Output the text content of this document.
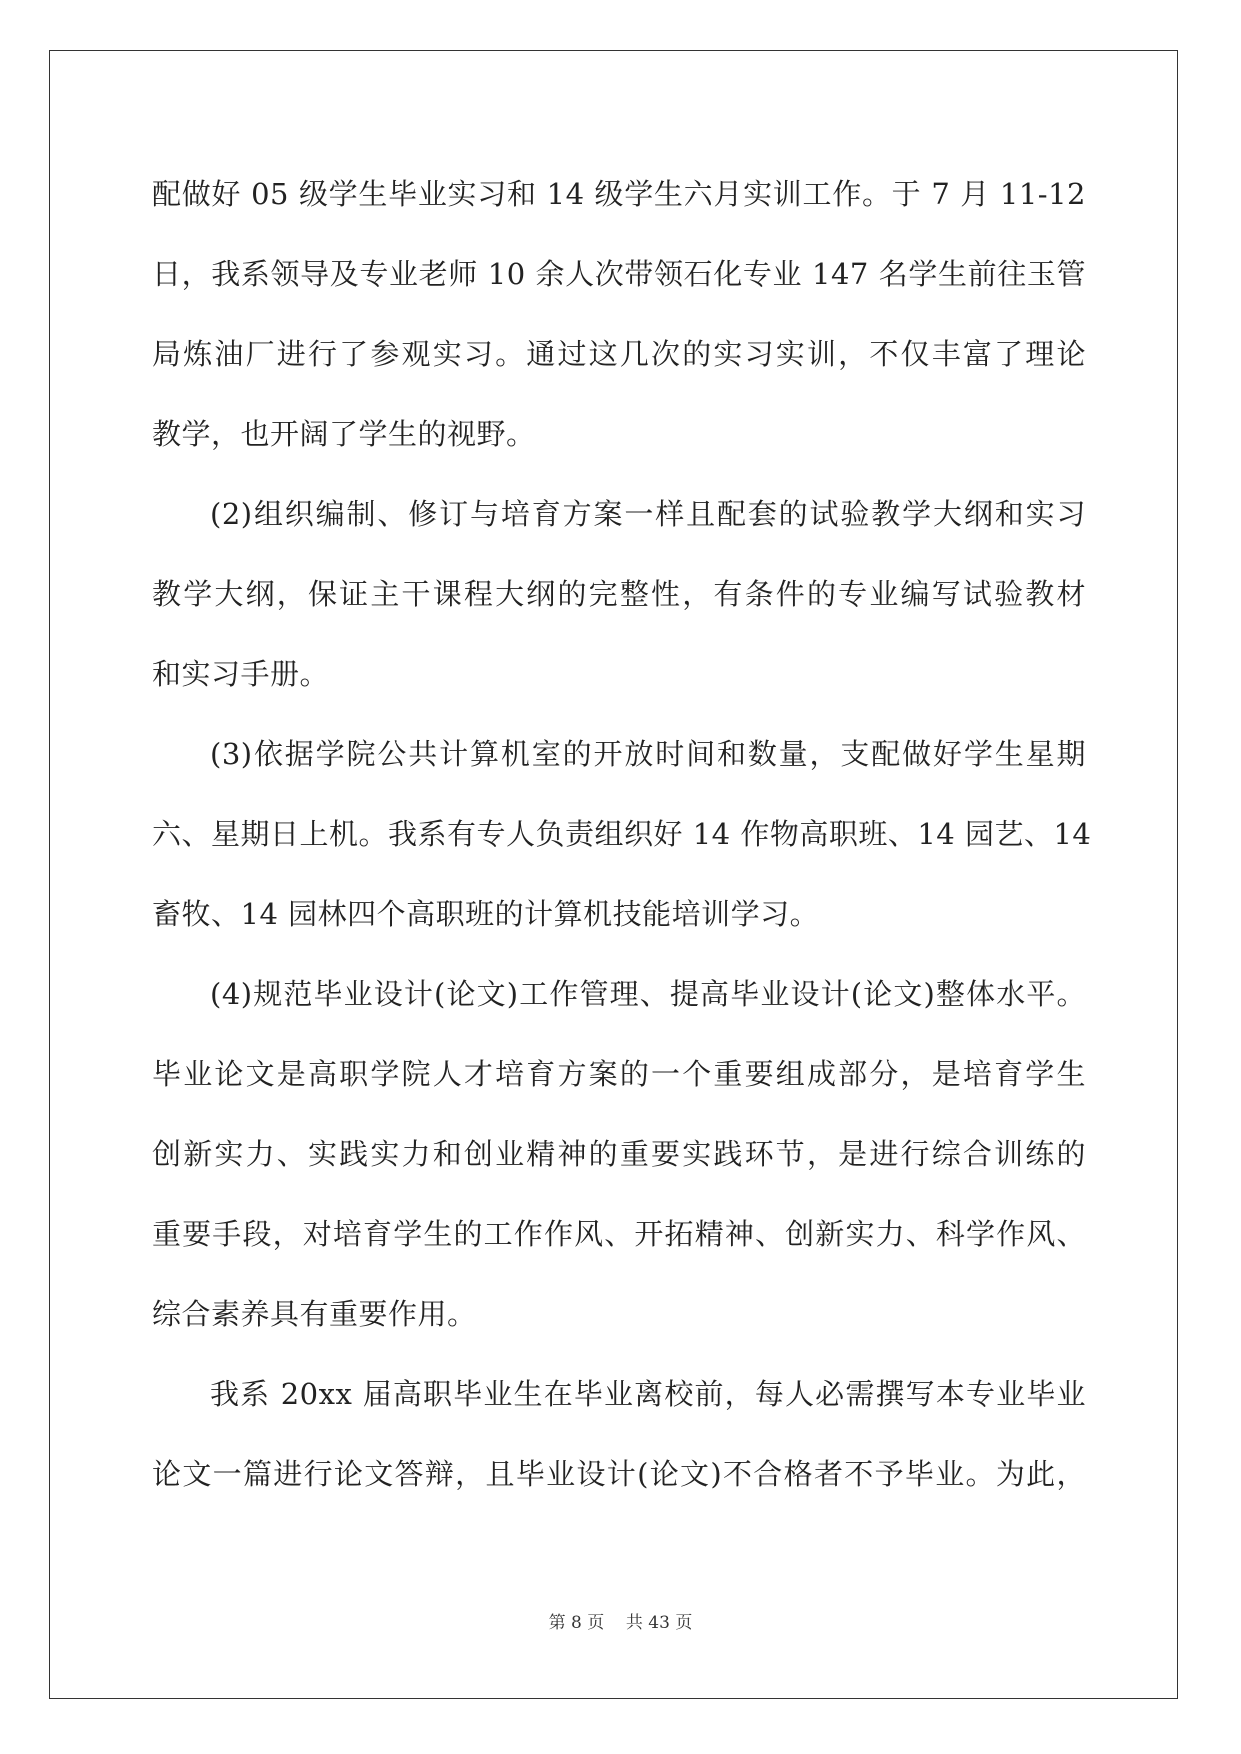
配做好 05 级学生毕业实习和 14 级学生六月实训工作。于 7 月 11-12
日，我系领导及专业老师 10 余人次带领石化专业 147 名学生前往玉管
局炼油厂进行了参观实习。通过这几次的实习实训，不仅丰富了理论
教学，也开阔了学生的视野。
(2)组织编制、修订与培育方案一样且配套的试验教学大纲和实习
教学大纲，保证主干课程大纲的完整性，有条件的专业编写试验教材
和实习手册。
(3)依据学院公共计算机室的开放时间和数量，支配做好学生星期
六、星期日上机。我系有专人负责组织好 14 作物高职班、14 园艺、14
畜牧、14 园林四个高职班的计算机技能培训学习。
(4)规范毕业设计(论文)工作管理、提高毕业设计(论文)整体水平。
毕业论文是高职学院人才培育方案的一个重要组成部分，是培育学生
创新实力、实践实力和创业精神的重要实践环节，是进行综合训练的
重要手段，对培育学生的工作作风、开拓精神、创新实力、科学作风、
综合素养具有重要作用。
我系 20xx 届高职毕业生在毕业离校前，每人必需撰写本专业毕业
论文一篇进行论文答辩，且毕业设计(论文)不合格者不予毕业。为此，
第 8 页 共 43 页
